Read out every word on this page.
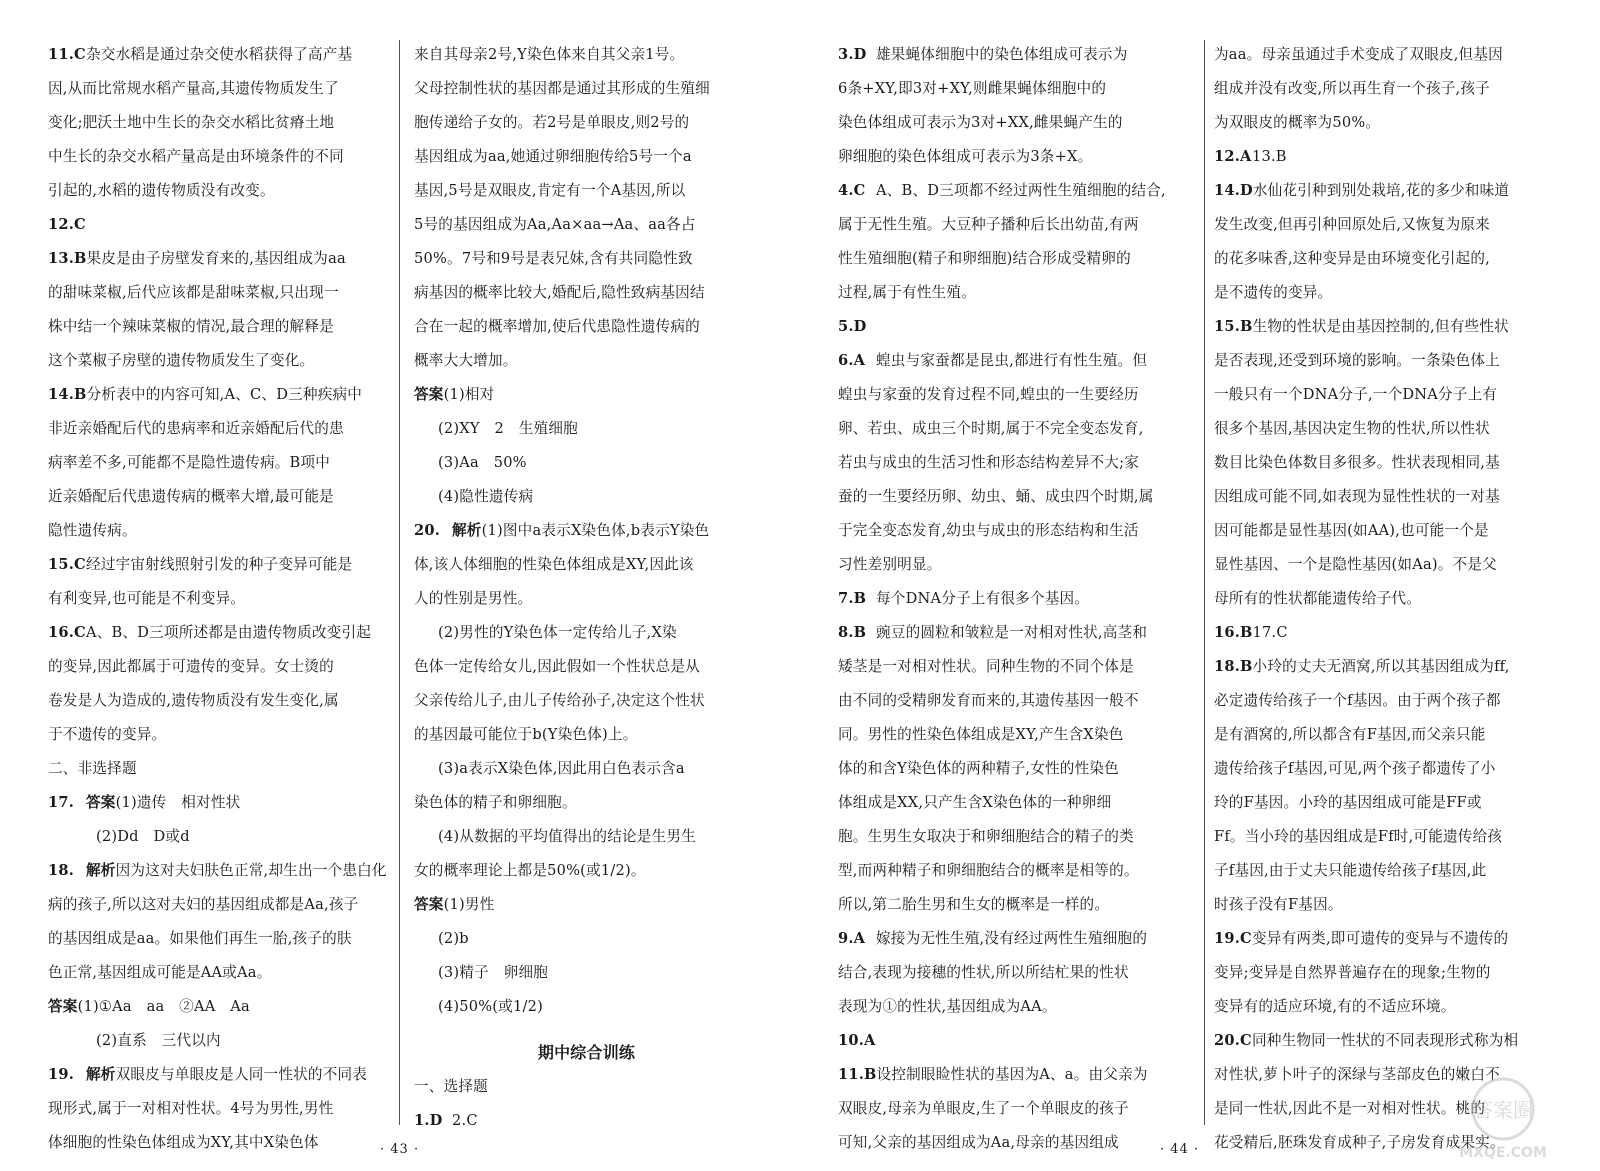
11.C杂交水稻是通过杂交使水稻获得了高产基

因,从而比常规水稻产量高,其遗传物质发生了

变化;肥沃土地中生长的杂交水稻比贫瘠土地

中生长的杂交水稻产量高是由环境条件的不同

引起的,水稻的遗传物质没有改变。

12.C

13.B果皮是由子房壁发育来的,基因组成为aa

的甜味菜椒,后代应该都是甜味菜椒,只出现一

株中结一个辣味菜椒的情况,最合理的解释是

这个菜椒子房壁的遗传物质发生了变化。

14.B分析表中的内容可知,A、C、D三种疾病中

非近亲婚配后代的患病率和近亲婚配后代的患

病率差不多,可能都不是隐性遗传病。B项中

近亲婚配后代患遗传病的概率大增,最可能是

隐性遗传病。

15.C经过宇宙射线照射引发的种子变异可能是

有利变异,也可能是不利变异。

16.CA、B、D三项所述都是由遗传物质改变引起

的变异,因此都属于可遗传的变异。女士烫的

卷发是人为造成的,遗传物质没有发生变化,属

于不遗传的变异。

二、非选择题

17. 答案(1)遗传　相对性状

(2)Dd　D或d

18. 解析因为这对夫妇肤色正常,却生出一个患白化

病的孩子,所以这对夫妇的基因组成都是Aa,孩子

的基因组成是aa。如果他们再生一胎,孩子的肤

色正常,基因组成可能是AA或Aa。

答案(1)①Aa　aa　②AA　Aa

(2)直系　三代以内

19. 解析双眼皮与单眼皮是人同一性状的不同表

现形式,属于一对相对性状。4号为男性,男性

体细胞的性染色体组成为XY,其中X染色体

来自其母亲2号,Y染色体来自其父亲1号。

父母控制性状的基因都是通过其形成的生殖细

胞传递给子女的。若2号是单眼皮,则2号的

基因组成为aa,她通过卵细胞传给5号一个a

基因,5号是双眼皮,肯定有一个A基因,所以

5号的基因组成为Aa,Aa×aa→Aa、aa各占

50%。7号和9号是表兄妹,含有共同隐性致

病基因的概率比较大,婚配后,隐性致病基因结

合在一起的概率增加,使后代患隐性遗传病的

概率大大增加。

答案(1)相对

(2)XY　2　生殖细胞

(3)Aa　50%

(4)隐性遗传病

20. 解析(1)图中a表示X染色体,b表示Y染色

体,该人体细胞的性染色体组成是XY,因此该

人的性别是男性。

(2)男性的Y染色体一定传给儿子,X染

色体一定传给女儿,因此假如一个性状总是从

父亲传给儿子,由儿子传给孙子,决定这个性状

的基因最可能位于b(Y染色体)上。

(3)a表示X染色体,因此用白色表示含a

染色体的精子和卵细胞。

(4)从数据的平均值得出的结论是生男生

女的概率理论上都是50%(或1/2)。

答案(1)男性

(2)b

(3)精子　卵细胞

(4)50%(或1/2)

期中综合训练

一、选择题

1.D 2.C

· 43 ·

3.D 雄果蝇体细胞中的染色体组成可表示为

6条+XY,即3对+XY,则雌果蝇体细胞中的

染色体组成可表示为3对+XX,雌果蝇产生的

卵细胞的染色体组成可表示为3条+X。

4.C A、B、D三项都不经过两性生殖细胞的结合,

属于无性生殖。大豆种子播种后长出幼苗,有两

性生殖细胞(精子和卵细胞)结合形成受精卵的

过程,属于有性生殖。

5.D

6.A 蝗虫与家蚕都是昆虫,都进行有性生殖。但

蝗虫与家蚕的发育过程不同,蝗虫的一生要经历

卵、若虫、成虫三个时期,属于不完全变态发育,

若虫与成虫的生活习性和形态结构差异不大;家

蚕的一生要经历卵、幼虫、蛹、成虫四个时期,属

于完全变态发育,幼虫与成虫的形态结构和生活

习性差别明显。

7.B 每个DNA分子上有很多个基因。

8.B 豌豆的圆粒和皱粒是一对相对性状,高茎和

矮茎是一对相对性状。同种生物的不同个体是

由不同的受精卵发育而来的,其遗传基因一般不

同。男性的性染色体组成是XY,产生含X染色

体的和含Y染色体的两种精子,女性的性染色

体组成是XX,只产生含X染色体的一种卵细

胞。生男生女取决于和卵细胞结合的精子的类

型,而两种精子和卵细胞结合的概率是相等的。

所以,第二胎生男和生女的概率是一样的。

9.A 嫁接为无性生殖,没有经过两性生殖细胞的

结合,表现为接穗的性状,所以所结杧果的性状

表现为①的性状,基因组成为AA。

10.A

11.B设控制眼睑性状的基因为A、a。由父亲为

双眼皮,母亲为单眼皮,生了一个单眼皮的孩子

可知,父亲的基因组成为Aa,母亲的基因组成

为aa。母亲虽通过手术变成了双眼皮,但基因

组成并没有改变,所以再生育一个孩子,孩子

为双眼皮的概率为50%。

12.A13.B

14.D水仙花引种到别处栽培,花的多少和味道

发生改变,但再引种回原处后,又恢复为原来

的花多味香,这种变异是由环境变化引起的,

是不遗传的变异。

15.B生物的性状是由基因控制的,但有些性状

是否表现,还受到环境的影响。一条染色体上

一般只有一个DNA分子,一个DNA分子上有

很多个基因,基因决定生物的性状,所以性状

数目比染色体数目多很多。性状表现相同,基

因组成可能不同,如表现为显性性状的一对基

因可能都是显性基因(如AA),也可能一个是

显性基因、一个是隐性基因(如Aa)。不是父

母所有的性状都能遗传给子代。

16.B17.C

18.B小玲的丈夫无酒窝,所以其基因组成为ff,

必定遗传给孩子一个f基因。由于两个孩子都

是有酒窝的,所以都含有F基因,而父亲只能

遗传给孩子f基因,可见,两个孩子都遗传了小

玲的F基因。小玲的基因组成可能是FF或

Ff。当小玲的基因组成是Ff时,可能遗传给孩

子f基因,由于丈夫只能遗传给孩子f基因,此

时孩子没有F基因。

19.C变异有两类,即可遗传的变异与不遗传的

变异;变异是自然界普遍存在的现象;生物的

变异有的适应环境,有的不适应环境。

20.C同种生物同一性状的不同表现形式称为相

对性状,萝卜叶子的深绿与茎部皮色的嫩白不

是同一性状,因此不是一对相对性状。桃的

花受精后,胚珠发育成种子,子房发育成果实。

· 44 ·
答案圈
MXQE.COM
